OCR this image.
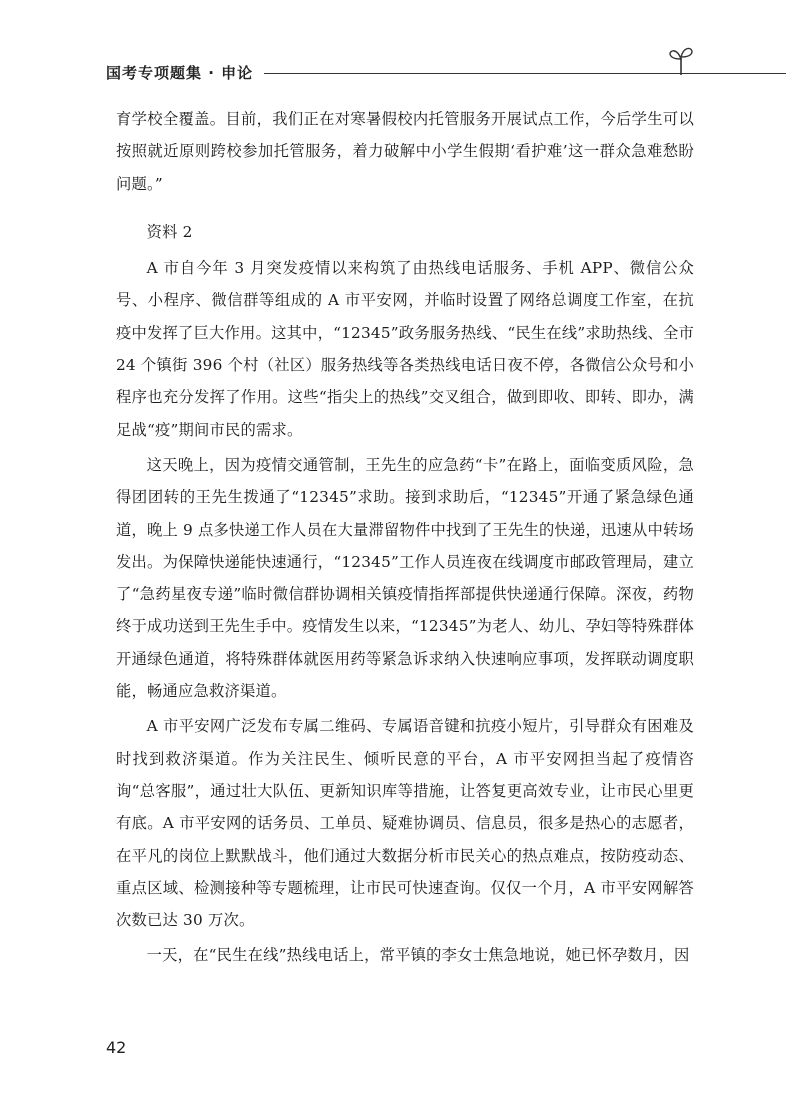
国考专项题集 · 申论

育学校全覆盖。目前，我们正在对寒暑假校内托管服务开展试点工作，今后学生可以按照就近原则跨校参加托管服务，着力破解中小学生假期‘看护难’这一群众急难愁盼问题。”

资料 2

A 市自今年 3 月突发疫情以来构筑了由热线电话服务、手机 APP、微信公众号、小程序、微信群等组成的 A 市平安网，并临时设置了网络总调度工作室，在抗疫中发挥了巨大作用。这其中，“12345”政务服务热线、“民生在线”求助热线、全市 24 个镇街 396 个村（社区）服务热线等各类热线电话日夜不停，各微信公众号和小程序也充分发挥了作用。这些“指尖上的热线”交叉组合，做到即收、即转、即办，满足战“疫”期间市民的需求。

这天晚上，因为疫情交通管制，王先生的应急药“卡”在路上，面临变质风险，急得团团转的王先生拨通了“12345”求助。接到求助后，“12345”开通了紧急绿色通道，晚上 9 点多快递工作人员在大量滞留物件中找到了王先生的快递，迅速从中转场发出。为保障快递能快速通行，“12345”工作人员连夜在线调度市邮政管理局，建立了“急药星夜专递”临时微信群协调相关镇疫情指挥部提供快递通行保障。深夜，药物终于成功送到王先生手中。疫情发生以来，“12345”为老人、幼儿、孕妇等特殊群体开通绿色通道，将特殊群体就医用药等紧急诉求纳入快速响应事项，发挥联动调度职能，畅通应急救济渠道。

A 市平安网广泛发布专属二维码、专属语音键和抗疫小短片，引导群众有困难及时找到救济渠道。作为关注民生、倾听民意的平台，A 市平安网担当起了疫情咨询“总客服”，通过壮大队伍、更新知识库等措施，让答复更高效专业，让市民心里更有底。A 市平安网的话务员、工单员、疑难协调员、信息员，很多是热心的志愿者，在平凡的岗位上默默战斗，他们通过大数据分析市民关心的热点难点，按防疫动态、重点区域、检测接种等专题梳理，让市民可快速查询。仅仅一个月，A 市平安网解答次数已达 30 万次。

一天，在“民生在线”热线电话上，常平镇的李女士焦急地说，她已怀孕数月，因

42
